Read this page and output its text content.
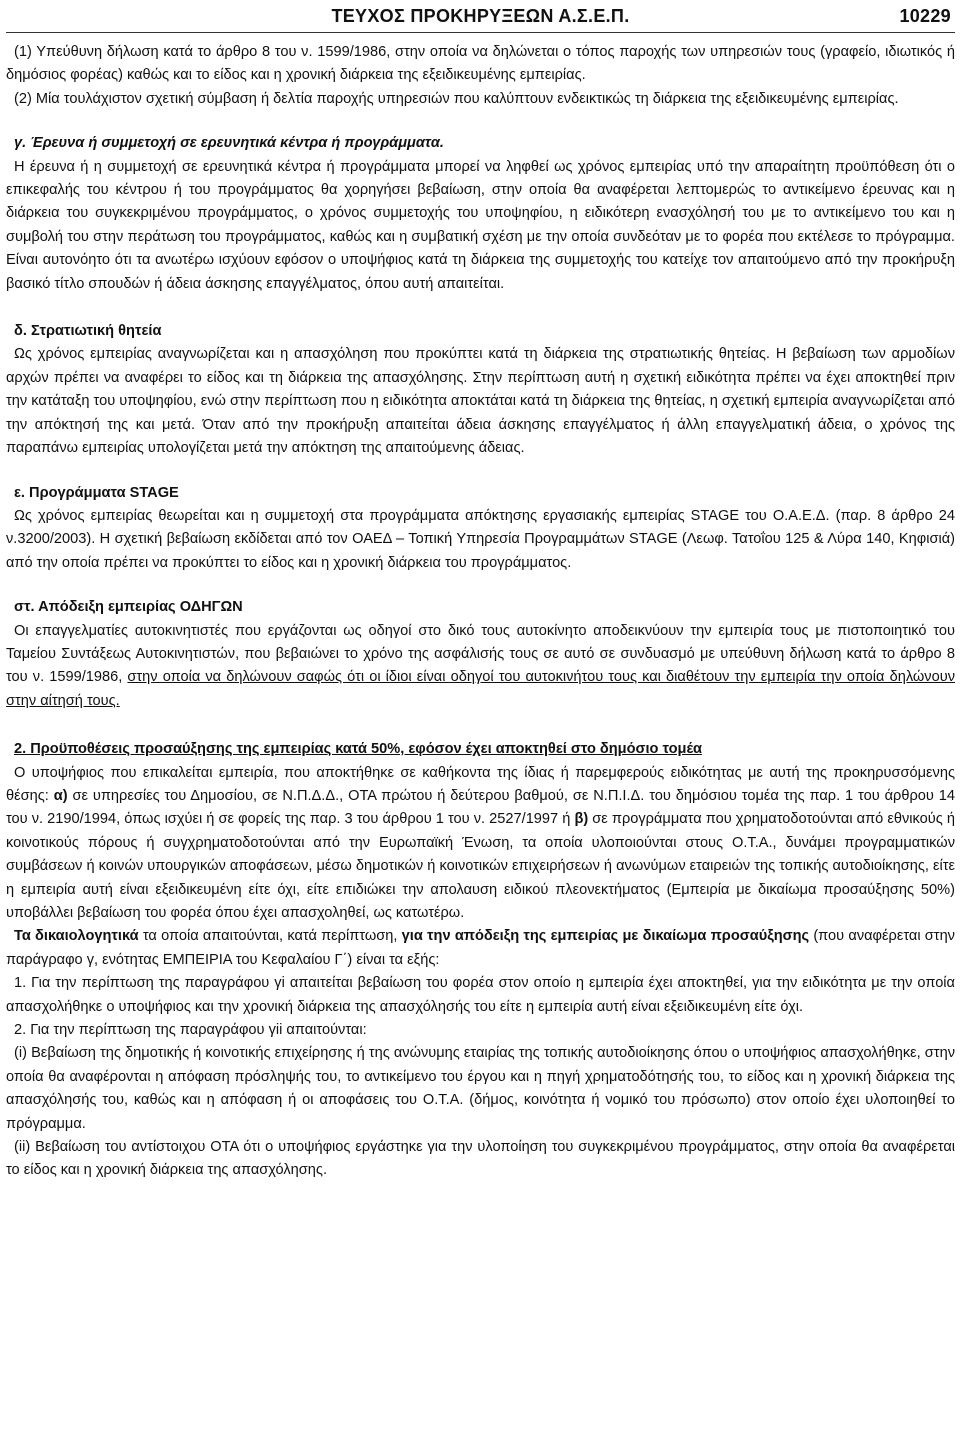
ΤΕΥΧΟΣ ΠΡΟΚΗΡΥΞΕΩΝ Α.Σ.Ε.Π.	10229

(1) Υπεύθυνη δήλωση κατά το άρθρο 8 του ν. 1599/1986, στην οποία να δηλώνεται ο τόπος παροχής των υπηρεσιών τους (γραφείο, ιδιωτικός ή δημόσιος φορέας) καθώς και το είδος και η χρονική διάρκεια της εξειδικευμένης εμπειρίας.

(2) Μία τουλάχιστον σχετική σύμβαση ή δελτία παροχής υπηρεσιών που καλύπτουν ενδεικτικώς τη διάρκεια της εξειδικευμένης εμπειρίας.

γ. Έρευνα ή συμμετοχή σε ερευνητικά κέντρα ή προγράμματα.

Η έρευνα ή η συμμετοχή σε ερευνητικά κέντρα ή προγράμματα μπορεί να ληφθεί ως χρόνος εμπειρίας υπό την απαραίτητη προϋπόθεση ότι ο επικεφαλής του κέντρου ή του προγράμματος θα χορηγήσει βεβαίωση, στην οποία θα αναφέρεται λεπτομερώς το αντικείμενο έρευνας και η διάρκεια του συγκεκριμένου προγράμματος, ο χρόνος συμμετοχής του υποψηφίου, η ειδικότερη ενασχόλησή του με το αντικείμενο του και η συμβολή του στην περάτωση του προγράμματος, καθώς και η συμβατική σχέση με την οποία συνδεόταν με το φορέα που εκτέλεσε το πρόγραμμα. Είναι αυτονόητο ότι τα ανωτέρω ισχύουν εφόσον ο υποψήφιος κατά τη διάρκεια της συμμετοχής του κατείχε τον απαιτούμενο από την προκήρυξη βασικό τίτλο σπουδών ή άδεια άσκησης επαγγέλματος, όπου αυτή απαιτείται.

δ. Στρατιωτική θητεία

Ως χρόνος εμπειρίας αναγνωρίζεται και η απασχόληση που προκύπτει κατά τη διάρκεια της στρατιωτικής θητείας. Η βεβαίωση των αρμοδίων αρχών πρέπει να αναφέρει το είδος και τη διάρκεια της απασχόλησης. Στην περίπτωση αυτή η σχετική ειδικότητα πρέπει να έχει αποκτηθεί πριν την κατάταξη του υποψηφίου, ενώ στην περίπτωση που η ειδικότητα αποκτάται κατά τη διάρκεια της θητείας, η σχετική εμπειρία αναγνωρίζεται από την απόκτησή της και μετά. Όταν από την προκήρυξη απαιτείται άδεια άσκησης επαγγέλματος ή άλλη επαγγελματική άδεια, ο χρόνος της παραπάνω εμπειρίας υπολογίζεται μετά την απόκτηση της απαιτούμενης άδειας.

ε. Προγράμματα STAGE

Ως χρόνος εμπειρίας θεωρείται και η συμμετοχή στα προγράμματα απόκτησης εργασιακής εμπειρίας STAGE του Ο.Α.Ε.Δ. (παρ. 8 άρθρο 24 ν.3200/2003). Η σχετική βεβαίωση εκδίδεται από τον ΟΑΕΔ – Τοπική Υπηρεσία Προγραμμάτων STAGE (Λεωφ. Τατοΐου 125 & Λύρα 140, Κηφισιά) από την οποία πρέπει να προκύπτει το είδος και η χρονική διάρκεια του προγράμματος.

στ. Απόδειξη εμπειρίας ΟΔΗΓΩΝ

Οι επαγγελματίες αυτοκινητιστές που εργάζονται ως οδηγοί στο δικό τους αυτοκίνητο αποδεικνύουν την εμπειρία τους με πιστοποιητικό του Ταμείου Συντάξεως Αυτοκινητιστών, που βεβαιώνει το χρόνο της ασφάλισής τους σε αυτό σε συνδυασμό με υπεύθυνη δήλωση κατά το άρθρο 8 του ν. 1599/1986, στην οποία να δηλώνουν σαφώς ότι οι ίδιοι είναι οδηγοί του αυτοκινήτου τους και διαθέτουν την εμπειρία την οποία δηλώνουν στην αίτησή τους.

2. Προϋποθέσεις προσαύξησης της εμπειρίας κατά 50%, εφόσον έχει αποκτηθεί στο δημόσιο τομέα

Ο υποψήφιος που επικαλείται εμπειρία, που αποκτήθηκε σε καθήκοντα της ίδιας ή παρεμφερούς ειδικότητας με αυτή της προκηρυσσόμενης θέσης: α) σε υπηρεσίες του Δημοσίου, σε Ν.Π.Δ.Δ., ΟΤΑ πρώτου ή δεύτερου βαθμού, σε Ν.Π.Ι.Δ. του δημόσιου τομέα της παρ. 1 του άρθρου 14 του ν. 2190/1994, όπως ισχύει ή σε φορείς της παρ. 3 του άρθρου 1 του ν. 2527/1997 ή β) σε προγράμματα που χρηματοδοτούνται από εθνικούς ή κοινοτικούς πόρους ή συγχρηματοδοτούνται από την Ευρωπαϊκή Ένωση, τα οποία υλοποιούνται στους Ο.Τ.Α., δυνάμει προγραμματικών συμβάσεων ή κοινών υπουργικών αποφάσεων, μέσω δημοτικών ή κοινοτικών επιχειρήσεων ή ανωνύμων εταιρειών της τοπικής αυτοδιοίκησης, είτε η εμπειρία αυτή είναι εξειδικευμένη είτε όχι, είτε επιδιώκει την απολαυση ειδικού πλεονεκτήματος (Εμπειρία με δικαίωμα προσαύξησης 50%) υποβάλλει βεβαίωση του φορέα όπου έχει απασχοληθεί, ως κατωτέρω.

Τα δικαιολογητικά τα οποία απαιτούνται, κατά περίπτωση, για την απόδειξη της εμπειρίας με δικαίωμα προσαύξησης (που αναφέρεται στην παράγραφο γ, ενότητας ΕΜΠΕΙΡΙΑ του Κεφαλαίου Γ΄) είναι τα εξής:

1. Για την περίπτωση της παραγράφου γi απαιτείται βεβαίωση του φορέα στον οποίο η εμπειρία έχει αποκτηθεί, για την ειδικότητα με την οποία απασχολήθηκε ο υποψήφιος και την χρονική διάρκεια της απασχόλησής του είτε η εμπειρία αυτή είναι εξειδικευμένη είτε όχι.

2. Για την περίπτωση της παραγράφου γii απαιτούνται:

(i) Βεβαίωση της δημοτικής ή κοινοτικής επιχείρησης ή της ανώνυμης εταιρίας της τοπικής αυτοδιοίκησης όπου ο υποψήφιος απασχολήθηκε, στην οποία θα αναφέρονται η απόφαση πρόσληψής του, το αντικείμενο του έργου και η πηγή χρηματοδότησής του, το είδος και η χρονική διάρκεια της απασχόλησής του, καθώς και η απόφαση ή οι αποφάσεις του Ο.Τ.Α. (δήμος, κοινότητα ή νομικό του πρόσωπο) στον οποίο έχει υλοποιηθεί το πρόγραμμα.

(ii) Βεβαίωση του αντίστοιχου ΟΤΑ ότι ο υποψήφιος εργάστηκε για την υλοποίηση του συγκεκριμένου προγράμματος, στην οποία θα αναφέρεται το είδος και η χρονική διάρκεια της απασχόλησης.
